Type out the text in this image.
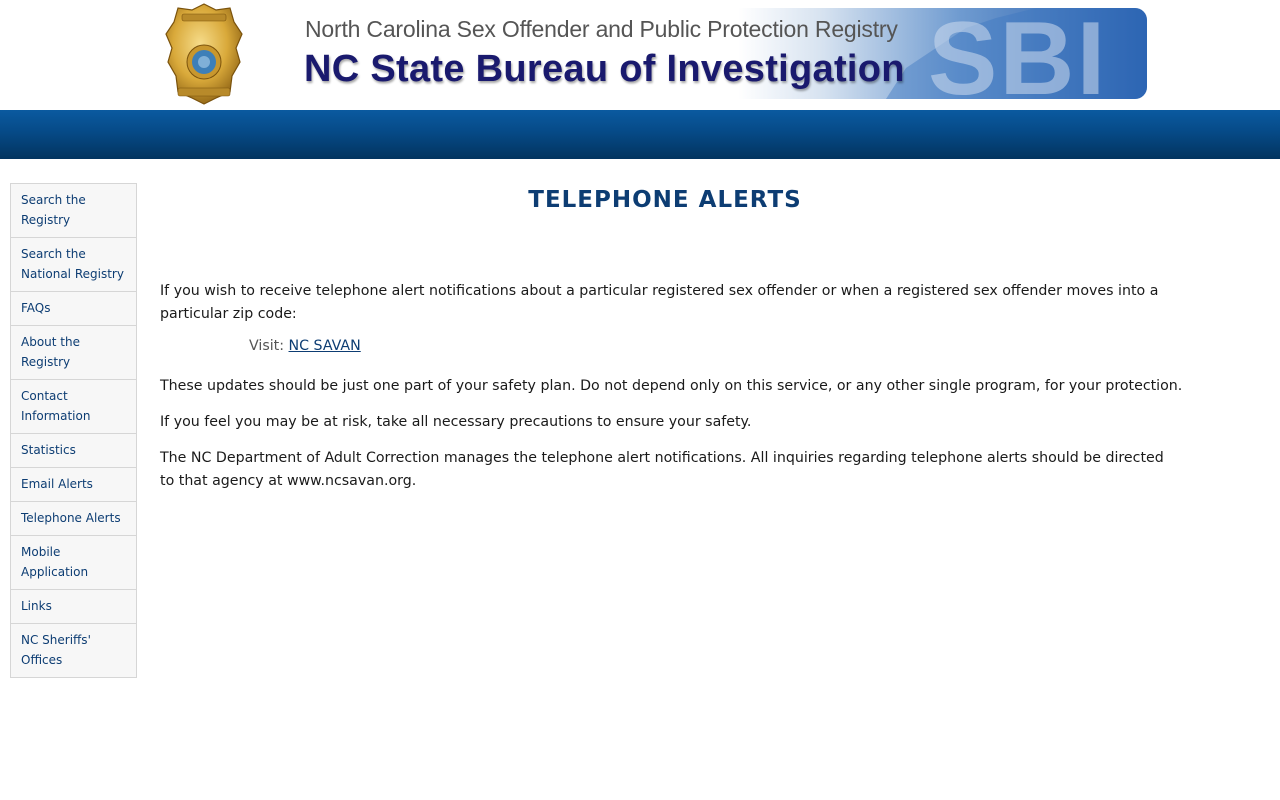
SBI
North Carolina Sex Offender and Public Protection Registry
NC State Bureau of Investigation
Search the Registry
Search the National Registry
FAQs
About the Registry
Contact Information
Statistics
Email Alerts
Telephone Alerts
Mobile Application
Links
NC Sheriffs' Offices
TELEPHONE ALERTS

If you wish to receive telephone alert notifications about a particular registered sex offender or when a registered sex offender moves into a particular zip code:

Visit: NC SAVAN

These updates should be just one part of your safety plan. Do not depend only on this service, or any other single program, for your protection.

If you feel you may be at risk, take all necessary precautions to ensure your safety.

The NC Department of Adult Correction manages the telephone alert notifications. All inquiries regarding telephone alerts should be directed to that agency at www.ncsavan.org.
